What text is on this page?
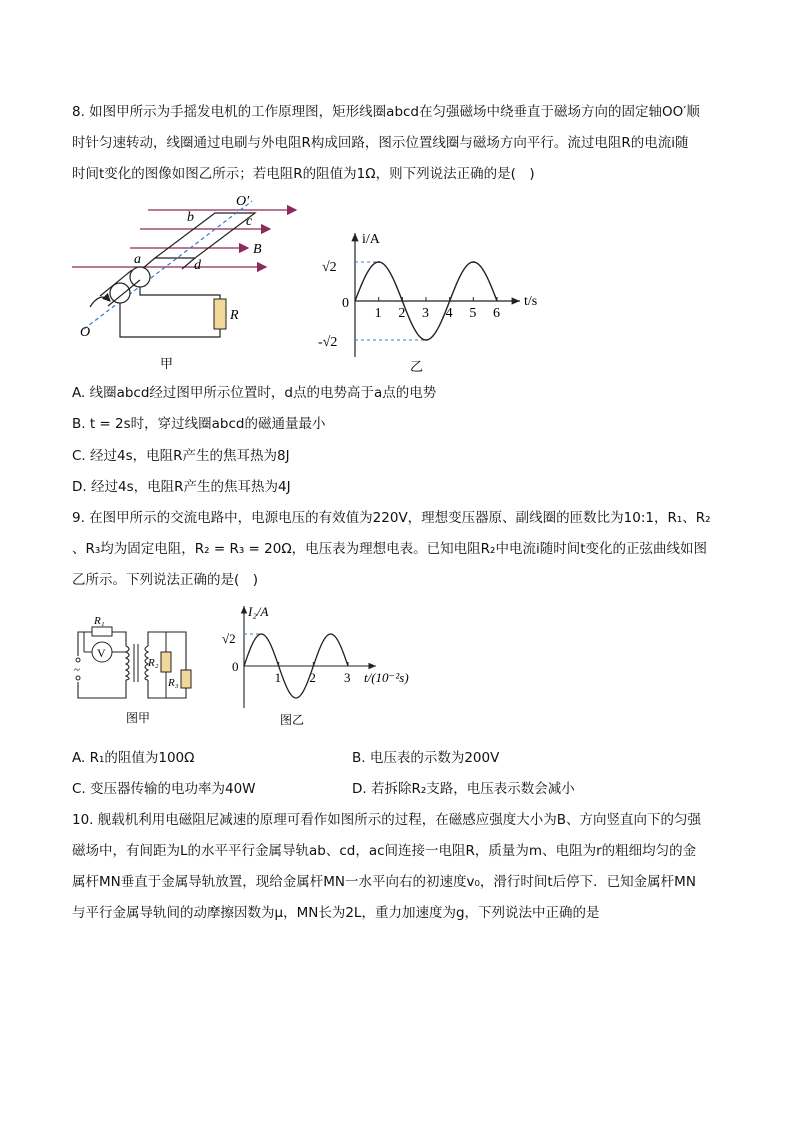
8. 如图甲所示为手摇发电机的工作原理图，矩形线圈abcd在匀强磁场中绕垂直于磁场方向的固定轴OO′顺
时针匀速转动，线圈通过电刷与外电阻R构成回路，图示位置线圈与磁场方向平行。流过电阻R的电流i随
时间t变化的图像如图乙所示；若电阻R的阻值为1Ω，则下列说法正确的是(　)
O′
b	c
a	d
B
R
O
甲
i/A
t/s
√2
-√2
0
1 2 3 4 5 6
乙
A. 线圈abcd经过图甲所示位置时，d点的电势高于a点的电势
B. t = 2s时，穿过线圈abcd的磁通量最小
C. 经过4s，电阻R产生的焦耳热为8J
D. 经过4s，电阻R产生的焦耳热为4J
9. 在图甲所示的交流电路中，电源电压的有效值为220V，理想变压器原、副线圈的匝数比为10:1，R₁、R₂
、R₃均为固定电阻，R₂ = R₃ = 20Ω，电压表为理想电表。已知电阻R₂中电流i随时间t变化的正弦曲线如图
乙所示。下列说法正确的是(　)
R₁
V
~
R₂
R₃
图甲
I₂/A
t/(10⁻²s)
√2
0
1 2 3
图乙
A. R₁的阻值为100Ω	B. 电压表的示数为200V
C. 变压器传输的电功率为40W	D. 若拆除R₂支路，电压表示数会减小
10. 舰载机利用电磁阻尼减速的原理可看作如图所示的过程，在磁感应强度大小为B、方向竖直向下的匀强
磁场中，有间距为L的水平平行金属导轨ab、cd，ac间连接一电阻R，质量为m、电阻为r的粗细均匀的金
属杆MN垂直于金属导轨放置，现给金属杆MN一水平向右的初速度v₀，滑行时间t后停下．已知金属杆MN
与平行金属导轨间的动摩擦因数为μ，MN长为2L，重力加速度为g，下列说法中正确的是
